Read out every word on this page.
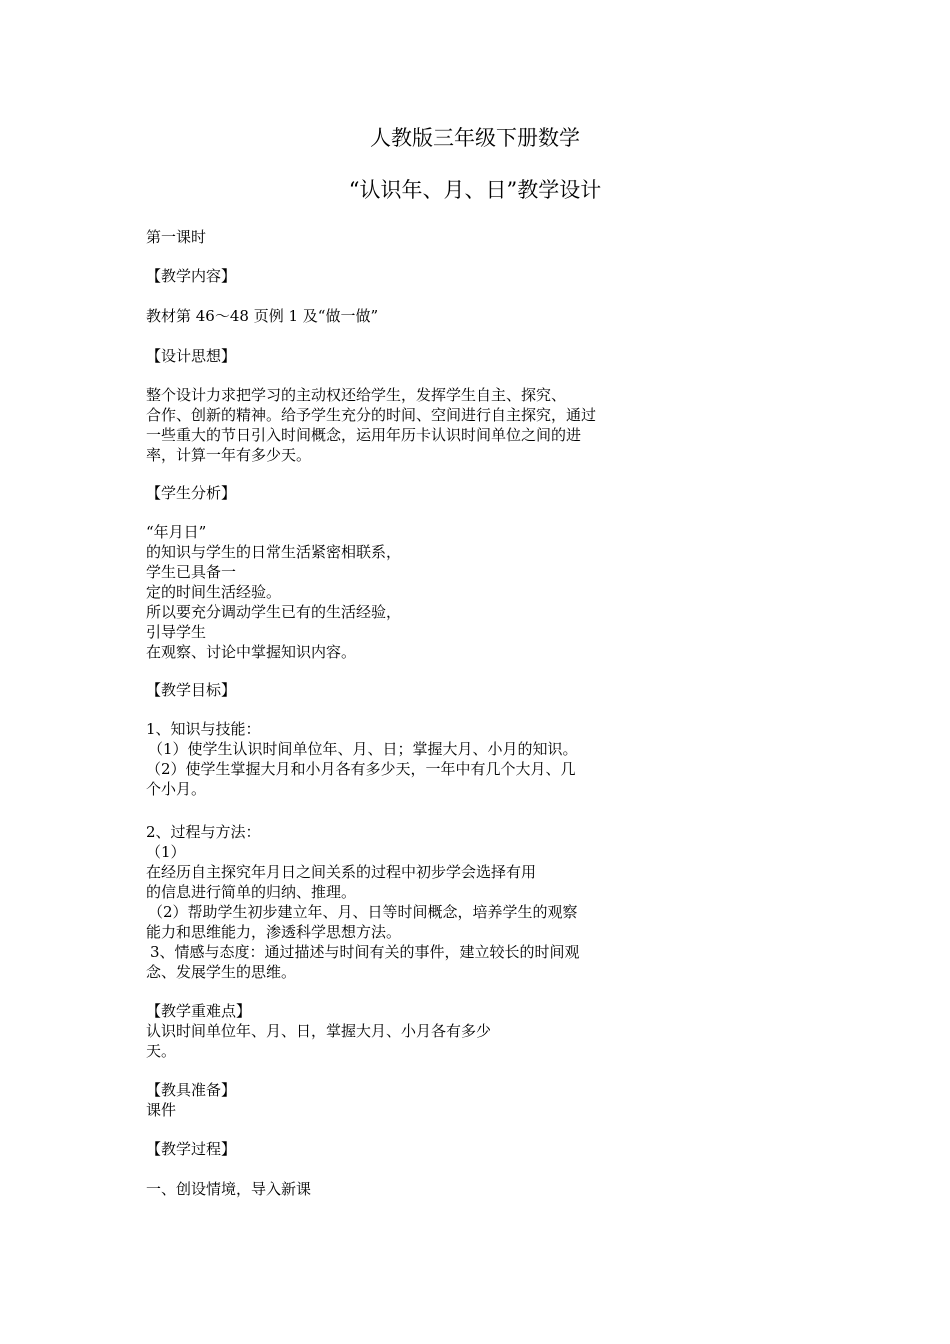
人教版三年级下册数学
“认识年、月、日”教学设计
第一课时
【教学内容】
教材第 46～48 页例 1 及“做一做”
【设计思想】
整个设计力求把学习的主动权还给学生，发挥学生自主、探究、
合作、创新的精神。给予学生充分的时间、空间进行自主探究，通过
一些重大的节日引入时间概念，运用年历卡认识时间单位之间的进
率，计算一年有多少天。
【学生分析】
“年月日”
的知识与学生的日常生活紧密相联系，
学生已具备一
定的时间生活经验。
所以要充分调动学生已有的生活经验，
引导学生
在观察、讨论中掌握知识内容。
【教学目标】
1、知识与技能：
（1）使学生认识时间单位年、月、日；掌握大月、小月的知识。
（2）使学生掌握大月和小月各有多少天，一年中有几个大月、几
个小月。
2、过程与方法：
（1）
在经历自主探究年月日之间关系的过程中初步学会选择有用
的信息进行简单的归纳、推理。
（2）帮助学生初步建立年、月、日等时间概念，培养学生的观察
能力和思维能力，渗透科学思想方法。
3、情感与态度：通过描述与时间有关的事件，建立较长的时间观
念、发展学生的思维。
【教学重难点】
认识时间单位年、月、日，掌握大月、小月各有多少
天。
【教具准备】
课件
【教学过程】
一、创设情境，导入新课
